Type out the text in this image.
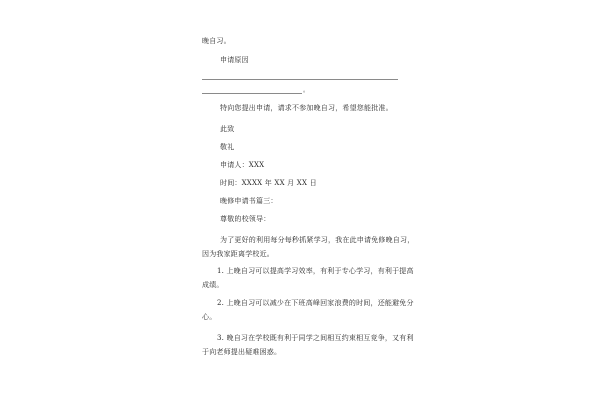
晚自习。
申请原因
。
特向您提出申请，请求不参加晚自习，希望您能批准。
此致
敬礼
申请人：XXX
时间：XXXX 年 XX 月 XX 日
晚修申请书篇三：
尊敬的校领导：
为了更好的利用每分每秒抓紧学习，我在此申请免修晚自习，
因为我家距离学校近。
1. 上晚自习可以提高学习效率，有利于专心学习，有利于提高
成绩。
2. 上晚自习可以减少在下班高峰回家浪费的时间，还能避免分
心。
3. 晚自习在学校既有利于同学之间相互约束相互竞争，又有利
于向老师提出疑难困惑。
